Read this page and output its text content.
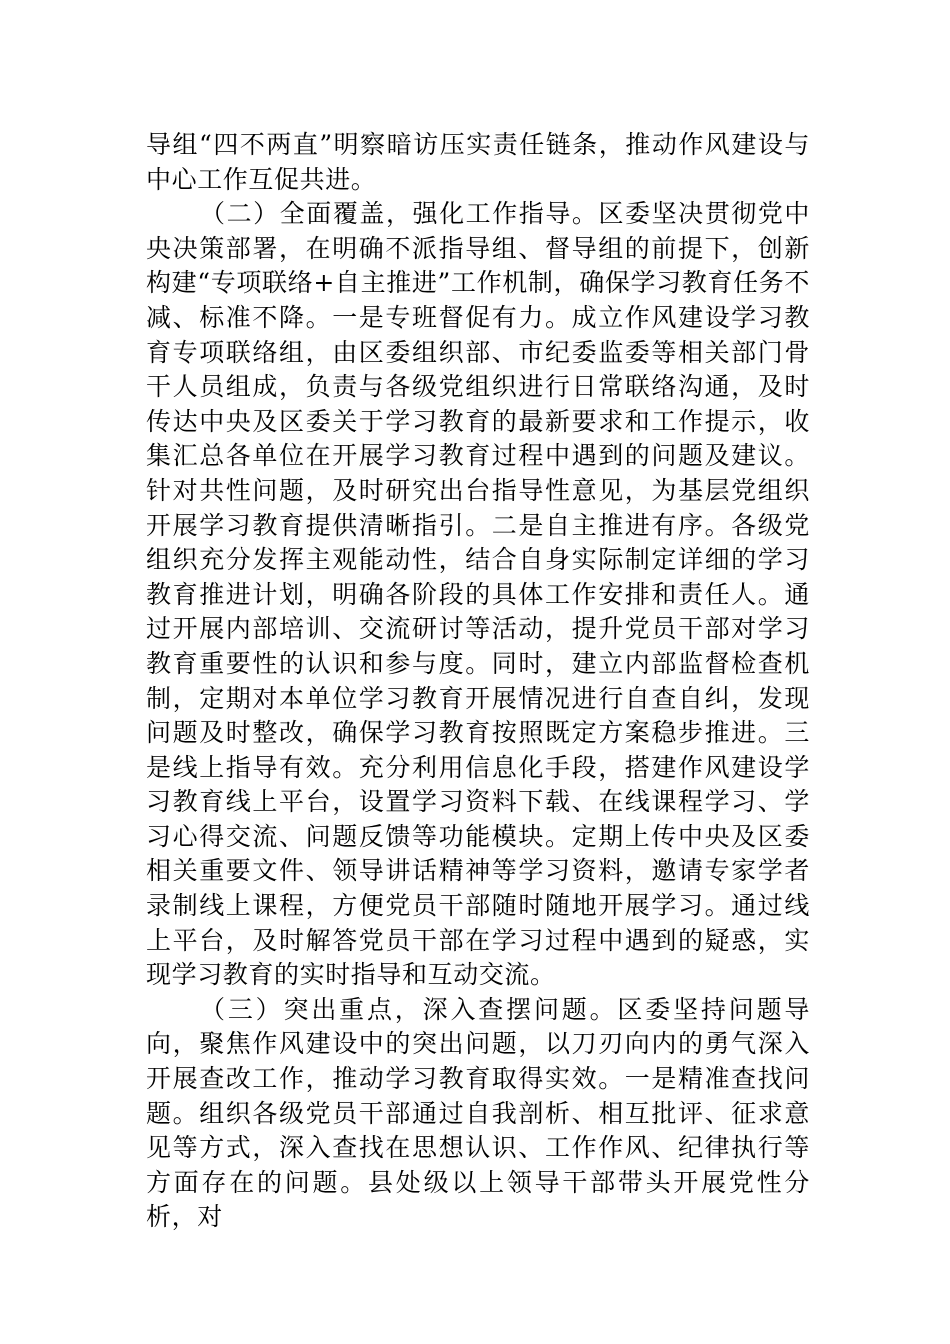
导组“四不两直”明察暗访压实责任链条，推动作风建设与中心工作互促共进。

（二）全面覆盖，强化工作指导。区委坚决贯彻党中央决策部署，在明确不派指导组、督导组的前提下，创新构建“专项联络+自主推进”工作机制，确保学习教育任务不减、标准不降。一是专班督促有力。成立作风建设学习教育专项联络组，由区委组织部、市纪委监委等相关部门骨干人员组成，负责与各级党组织进行日常联络沟通，及时传达中央及区委关于学习教育的最新要求和工作提示，收集汇总各单位在开展学习教育过程中遇到的问题及建议。针对共性问题，及时研究出台指导性意见，为基层党组织开展学习教育提供清晰指引。二是自主推进有序。各级党组织充分发挥主观能动性，结合自身实际制定详细的学习教育推进计划，明确各阶段的具体工作安排和责任人。通过开展内部培训、交流研讨等活动，提升党员干部对学习教育重要性的认识和参与度。同时，建立内部监督检查机制，定期对本单位学习教育开展情况进行自查自纠，发现问题及时整改，确保学习教育按照既定方案稳步推进。三是线上指导有效。充分利用信息化手段，搭建作风建设学习教育线上平台，设置学习资料下载、在线课程学习、学习心得交流、问题反馈等功能模块。定期上传中央及区委相关重要文件、领导讲话精神等学习资料，邀请专家学者录制线上课程，方便党员干部随时随地开展学习。通过线上平台，及时解答党员干部在学习过程中遇到的疑惑，实现学习教育的实时指导和互动交流。

（三）突出重点，深入查摆问题。区委坚持问题导向，聚焦作风建设中的突出问题，以刀刃向内的勇气深入开展查改工作，推动学习教育取得实效。一是精准查找问题。组织各级党员干部通过自我剖析、相互批评、征求意见等方式，深入查找在思想认识、工作作风、纪律执行等方面存在的问题。县处级以上领导干部带头开展党性分析，对
